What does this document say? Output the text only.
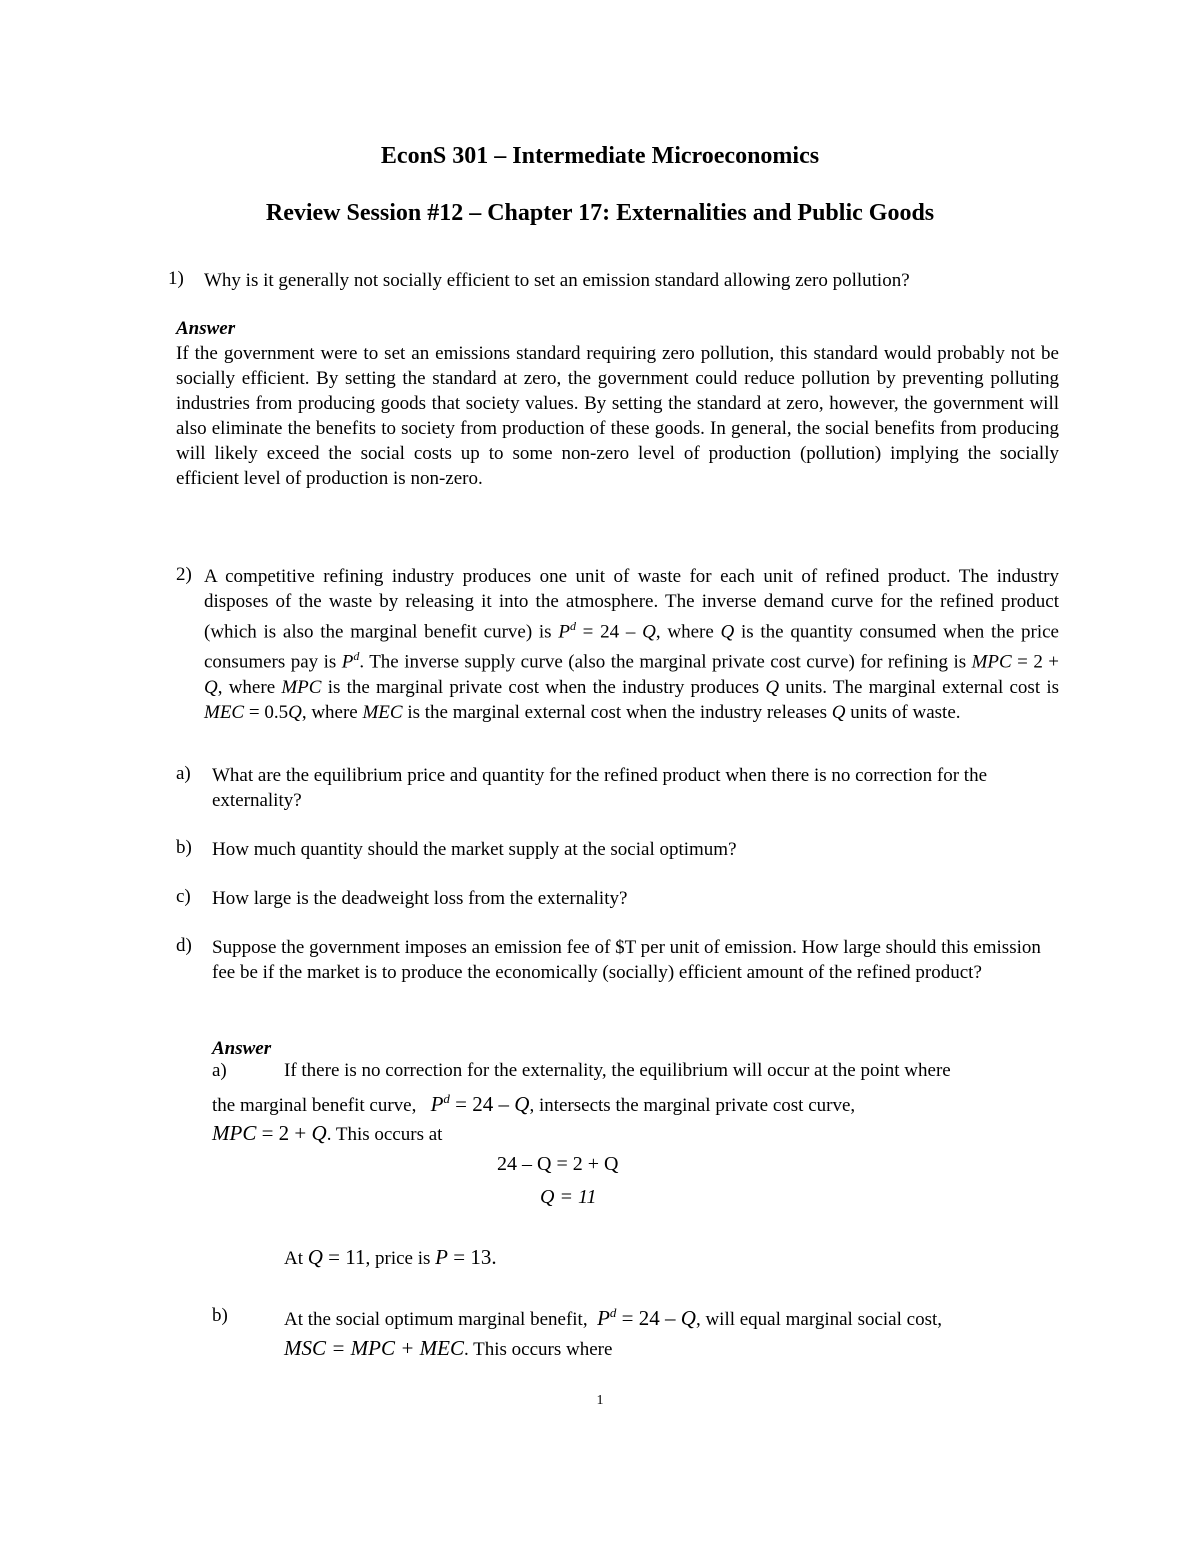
EconS 301 – Intermediate Microeconomics
Review Session #12 – Chapter 17: Externalities and Public Goods
1) Why is it generally not socially efficient to set an emission standard allowing zero pollution?
Answer
If the government were to set an emissions standard requiring zero pollution, this standard would probably not be socially efficient. By setting the standard at zero, the government could reduce pollution by preventing polluting industries from producing goods that society values. By setting the standard at zero, however, the government will also eliminate the benefits to society from production of these goods. In general, the social benefits from producing will likely exceed the social costs up to some non-zero level of production (pollution) implying the socially efficient level of production is non-zero.
2) A competitive refining industry produces one unit of waste for each unit of refined product. The industry disposes of the waste by releasing it into the atmosphere. The inverse demand curve for the refined product (which is also the marginal benefit curve) is $P^d = 24 - Q$, where Q is the quantity consumed when the price consumers pay is $P^d$. The inverse supply curve (also the marginal private cost curve) for refining is MPC = 2 + Q, where MPC is the marginal private cost when the industry produces Q units. The marginal external cost is MEC = 0.5Q, where MEC is the marginal external cost when the industry releases Q units of waste.
a) What are the equilibrium price and quantity for the refined product when there is no correction for the externality?
b) How much quantity should the market supply at the social optimum?
c) How large is the deadweight loss from the externality?
d) Suppose the government imposes an emission fee of $T per unit of emission. How large should this emission fee be if the market is to produce the economically (socially) efficient amount of the refined product?
Answer
a)	If there is no correction for the externality, the equilibrium will occur at the point where
the marginal benefit curve, $P^d = 24 - Q$, intersects the marginal private cost curve,
MPC = 2 + Q. This occurs at
24 – Q = 2 + Q
Q = 11
At Q = 11, price is P = 13.
b)	At the social optimum marginal benefit, $P^d = 24 - Q$, will equal marginal social cost,
MSC = MPC + MEC. This occurs where
1
